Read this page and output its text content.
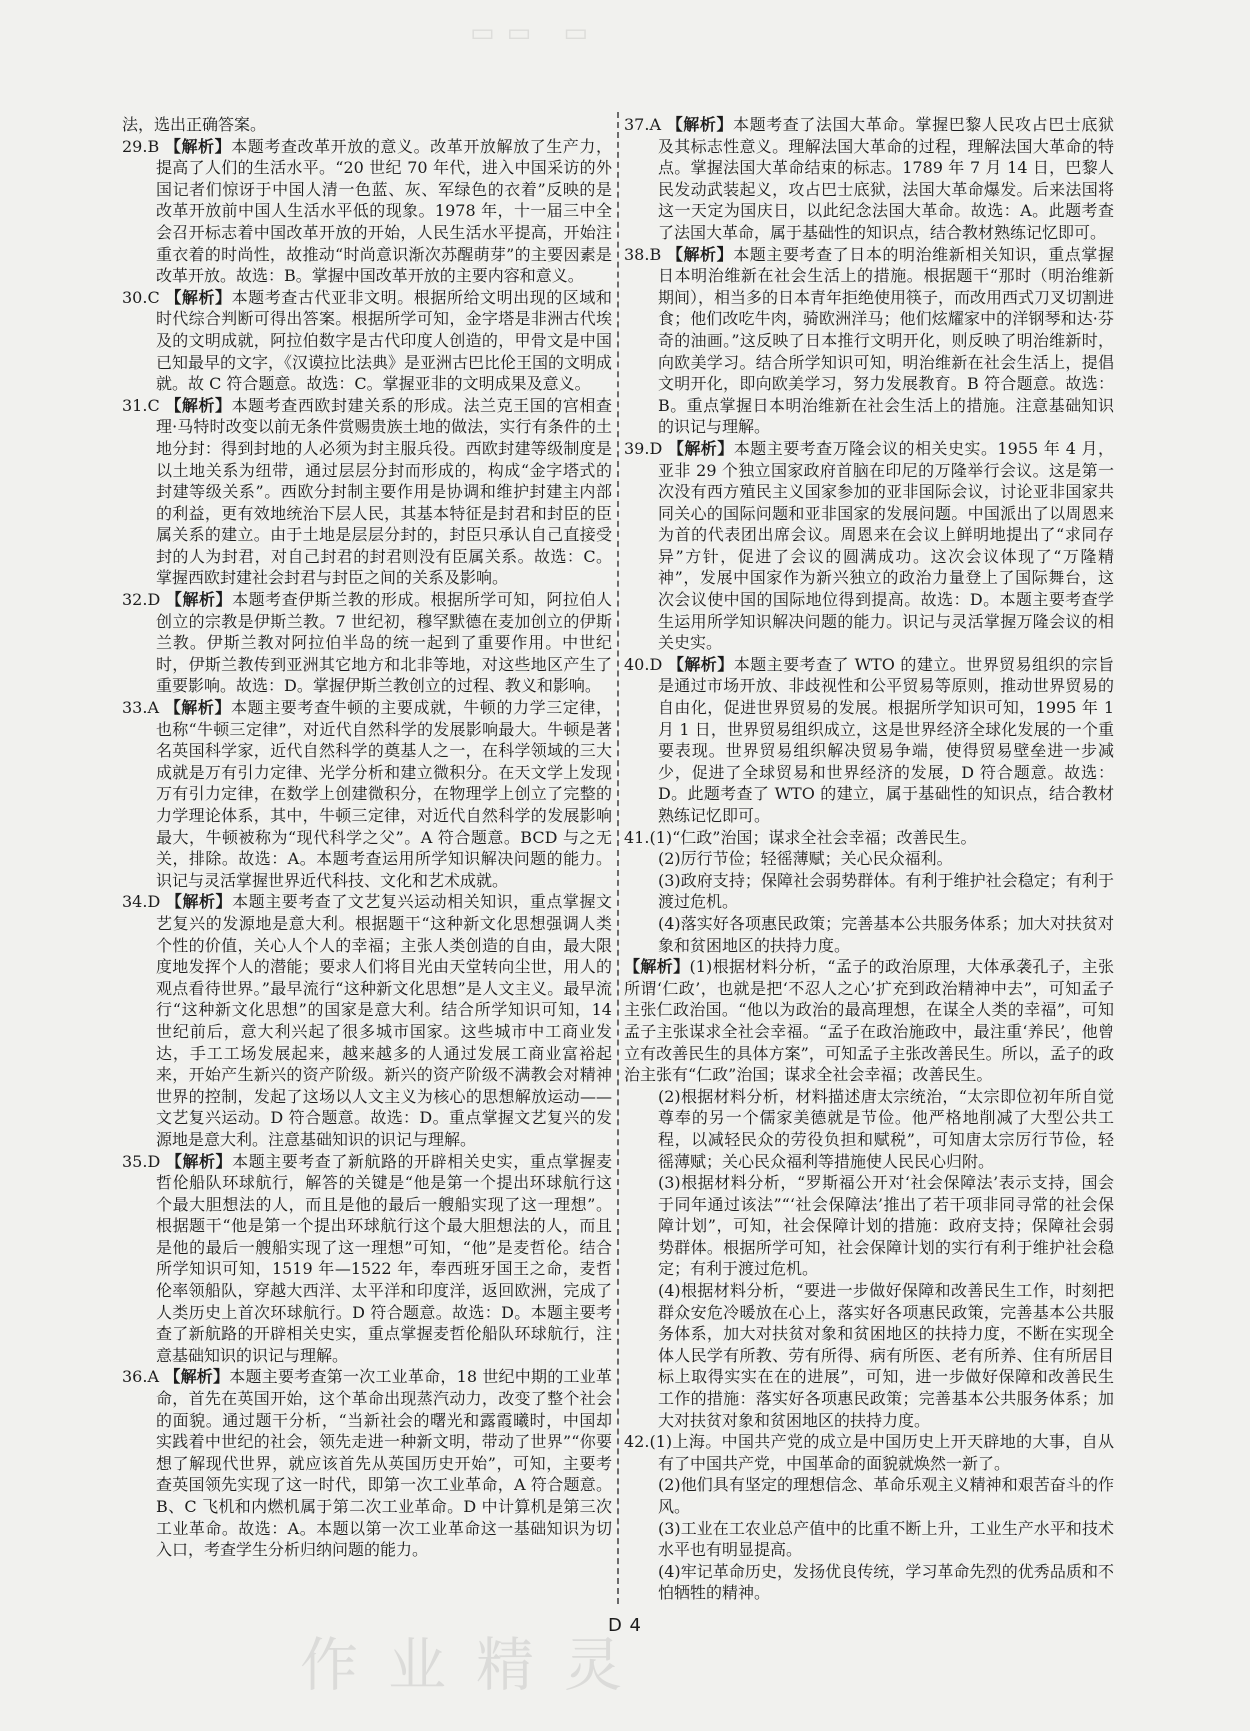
▭▭ ▭

法，选出正确答案。

29.B 【解析】本题考查改革开放的意义。改革开放解放了生产力，提高了人们的生活水平。“20 世纪 70 年代，进入中国采访的外国记者们惊讶于中国人清一色蓝、灰、军绿色的衣着”反映的是改革开放前中国人生活水平低的现象。1978 年，十一届三中全会召开标志着中国改革开放的开始，人民生活水平提高，开始注重衣着的时尚性，故推动“时尚意识渐次苏醒萌芽”的主要因素是改革开放。故选：B。掌握中国改革开放的主要内容和意义。

30.C 【解析】本题考查古代亚非文明。根据所给文明出现的区域和时代综合判断可得出答案。根据所学可知，金字塔是非洲古代埃及的文明成就，阿拉伯数字是古代印度人创造的，甲骨文是中国已知最早的文字，《汉谟拉比法典》是亚洲古巴比伦王国的文明成就。故 C 符合题意。故选：C。掌握亚非的文明成果及意义。

31.C 【解析】本题考查西欧封建关系的形成。法兰克王国的宫相查理·马特时改变以前无条件赏赐贵族土地的做法，实行有条件的土地分封：得到封地的人必须为封主服兵役。西欧封建等级制度是以土地关系为纽带，通过层层分封而形成的，构成“金字塔式的封建等级关系”。西欧分封制主要作用是协调和维护封建主内部的利益，更有效地统治下层人民，其基本特征是封君和封臣的臣属关系的建立。由于土地是层层分封的，封臣只承认自己直接受封的人为封君，对自己封君的封君则没有臣属关系。故选：C。掌握西欧封建社会封君与封臣之间的关系及影响。

32.D 【解析】本题考查伊斯兰教的形成。根据所学可知，阿拉伯人创立的宗教是伊斯兰教。7 世纪初，穆罕默德在麦加创立的伊斯兰教。伊斯兰教对阿拉伯半岛的统一起到了重要作用。中世纪时，伊斯兰教传到亚洲其它地方和北非等地，对这些地区产生了重要影响。故选：D。掌握伊斯兰教创立的过程、教义和影响。

33.A 【解析】本题主要考查牛顿的主要成就，牛顿的力学三定律，也称“牛顿三定律”，对近代自然科学的发展影响最大。牛顿是著名英国科学家，近代自然科学的奠基人之一，在科学领域的三大成就是万有引力定律、光学分析和建立微积分。在天文学上发现万有引力定律，在数学上创建微积分，在物理学上创立了完整的力学理论体系，其中，牛顿三定律，对近代自然科学的发展影响最大，牛顿被称为“现代科学之父”。A 符合题意。BCD 与之无关，排除。故选：A。本题考查运用所学知识解决问题的能力。识记与灵活掌握世界近代科技、文化和艺术成就。

34.D 【解析】本题主要考查了文艺复兴运动相关知识，重点掌握文艺复兴的发源地是意大利。根据题干“这种新文化思想强调人类个性的价值，关心人个人的幸福；主张人类创造的自由，最大限度地发挥个人的潜能；要求人们将目光由天堂转向尘世，用人的观点看待世界。”最早流行“这种新文化思想”是人文主义。最早流行“这种新文化思想”的国家是意大利。结合所学知识可知，14 世纪前后，意大利兴起了很多城市国家。这些城市中工商业发达，手工工场发展起来，越来越多的人通过发展工商业富裕起来，开始产生新兴的资产阶级。新兴的资产阶级不满教会对精神世界的控制，发起了这场以人文主义为核心的思想解放运动——文艺复兴运动。D 符合题意。故选：D。重点掌握文艺复兴的发源地是意大利。注意基础知识的识记与理解。

35.D 【解析】本题主要考查了新航路的开辟相关史实，重点掌握麦哲伦船队环球航行，解答的关键是“他是第一个提出环球航行这个最大胆想法的人，而且是他的最后一艘船实现了这一理想”。根据题干“他是第一个提出环球航行这个最大胆想法的人，而且是他的最后一艘船实现了这一理想”可知，“他”是麦哲伦。结合所学知识可知，1519 年—1522 年，奉西班牙国王之命，麦哲伦率领船队，穿越大西洋、太平洋和印度洋，返回欧洲，完成了人类历史上首次环球航行。D 符合题意。故选：D。本题主要考查了新航路的开辟相关史实，重点掌握麦哲伦船队环球航行，注意基础知识的识记与理解。

36.A 【解析】本题主要考查第一次工业革命，18 世纪中期的工业革命，首先在英国开始，这个革命出现蒸汽动力，改变了整个社会的面貌。通过题干分析，“当新社会的曙光和露霞曦时，中国却实践着中世纪的社会，领先走进一种新文明，带动了世界”“你要想了解现代世界，就应该首先从英国历史开始”，可知，主要考查英国领先实现了这一时代，即第一次工业革命，A 符合题意。B、C 飞机和内燃机属于第二次工业革命。D 中计算机是第三次工业革命。故选：A。本题以第一次工业革命这一基础知识为切入口，考查学生分析归纳问题的能力。

37.A 【解析】本题考查了法国大革命。掌握巴黎人民攻占巴士底狱及其标志性意义。理解法国大革命的过程，理解法国大革命的特点。掌握法国大革命结束的标志。1789 年 7 月 14 日，巴黎人民发动武装起义，攻占巴士底狱，法国大革命爆发。后来法国将这一天定为国庆日，以此纪念法国大革命。故选：A。此题考查了法国大革命，属于基础性的知识点，结合教材熟练记忆即可。

38.B 【解析】本题主要考查了日本的明治维新相关知识，重点掌握日本明治维新在社会生活上的措施。根据题干“那时（明治维新期间），相当多的日本青年拒绝使用筷子，而改用西式刀叉切割进食；他们改吃牛肉，骑欧洲洋马；他们炫耀家中的洋钢琴和达·芬奇的油画。”这反映了日本推行文明开化，则反映了明治维新时，向欧美学习。结合所学知识可知，明治维新在社会生活上，提倡文明开化，即向欧美学习，努力发展教育。B 符合题意。故选：B。重点掌握日本明治维新在社会生活上的措施。注意基础知识的识记与理解。

39.D 【解析】本题主要考查万隆会议的相关史实。1955 年 4 月，亚非 29 个独立国家政府首脑在印尼的万隆举行会议。这是第一次没有西方殖民主义国家参加的亚非国际会议，讨论亚非国家共同关心的国际问题和亚非国家的发展问题。中国派出了以周恩来为首的代表团出席会议。周恩来在会议上鲜明地提出了“求同存异”方针，促进了会议的圆满成功。这次会议体现了“万隆精神”，发展中国家作为新兴独立的政治力量登上了国际舞台，这次会议使中国的国际地位得到提高。故选：D。本题主要考查学生运用所学知识解决问题的能力。识记与灵活掌握万隆会议的相关史实。

40.D 【解析】本题主要考查了 WTO 的建立。世界贸易组织的宗旨是通过市场开放、非歧视性和公平贸易等原则，推动世界贸易的自由化，促进世界贸易的发展。根据所学知识可知，1995 年 1 月 1 日，世界贸易组织成立，这是世界经济全球化发展的一个重要表现。世界贸易组织解决贸易争端，使得贸易壁垒进一步减少，促进了全球贸易和世界经济的发展，D 符合题意。故选：D。此题考查了 WTO 的建立，属于基础性的知识点，结合教材熟练记忆即可。

41.(1)“仁政”治国；谋求全社会幸福；改善民生。

(2)厉行节俭；轻徭薄赋；关心民众福利。

(3)政府支持；保障社会弱势群体。有利于维护社会稳定；有利于渡过危机。

(4)落实好各项惠民政策；完善基本公共服务体系；加大对扶贫对象和贫困地区的扶持力度。

【解析】(1)根据材料分析，“孟子的政治原理，大体承袭孔子，主张所谓‘仁政’，也就是把‘不忍人之心’扩充到政治精神中去”，可知孟子主张仁政治国。“他以为政治的最高理想，在谋全人类的幸福”，可知孟子主张谋求全社会幸福。“孟子在政治施政中，最注重‘养民’，他曾立有改善民生的具体方案”，可知孟子主张改善民生。所以，孟子的政治主张有“仁政”治国；谋求全社会幸福；改善民生。

(2)根据材料分析，材料描述唐太宗统治，“太宗即位初年所自觉尊奉的另一个儒家美德就是节俭。他严格地削减了大型公共工程，以减轻民众的劳役负担和赋税”，可知唐太宗厉行节俭，轻徭薄赋；关心民众福利等措施使人民民心归附。

(3)根据材料分析，“罗斯福公开对‘社会保障法’表示支持，国会于同年通过该法”“‘社会保障法’推出了若干项非同寻常的社会保障计划”，可知，社会保障计划的措施：政府支持；保障社会弱势群体。根据所学可知，社会保障计划的实行有利于维护社会稳定；有利于渡过危机。

(4)根据材料分析，“要进一步做好保障和改善民生工作，时刻把群众安危冷暖放在心上，落实好各项惠民政策，完善基本公共服务体系，加大对扶贫对象和贫困地区的扶持力度，不断在实现全体人民学有所教、劳有所得、病有所医、老有所养、住有所居目标上取得实实在在的进展”，可知，进一步做好保障和改善民生工作的措施：落实好各项惠民政策；完善基本公共服务体系；加大对扶贫对象和贫困地区的扶持力度。

42.(1)上海。中国共产党的成立是中国历史上开天辟地的大事，自从有了中国共产党，中国革命的面貌就焕然一新了。

(2)他们具有坚定的理想信念、革命乐观主义精神和艰苦奋斗的作风。

(3)工业在工农业总产值中的比重不断上升，工业生产水平和技术水平也有明显提高。

(4)牢记革命历史，发扬优良传统，学习革命先烈的优秀品质和不怕牺牲的精神。

作业精灵
D 4
